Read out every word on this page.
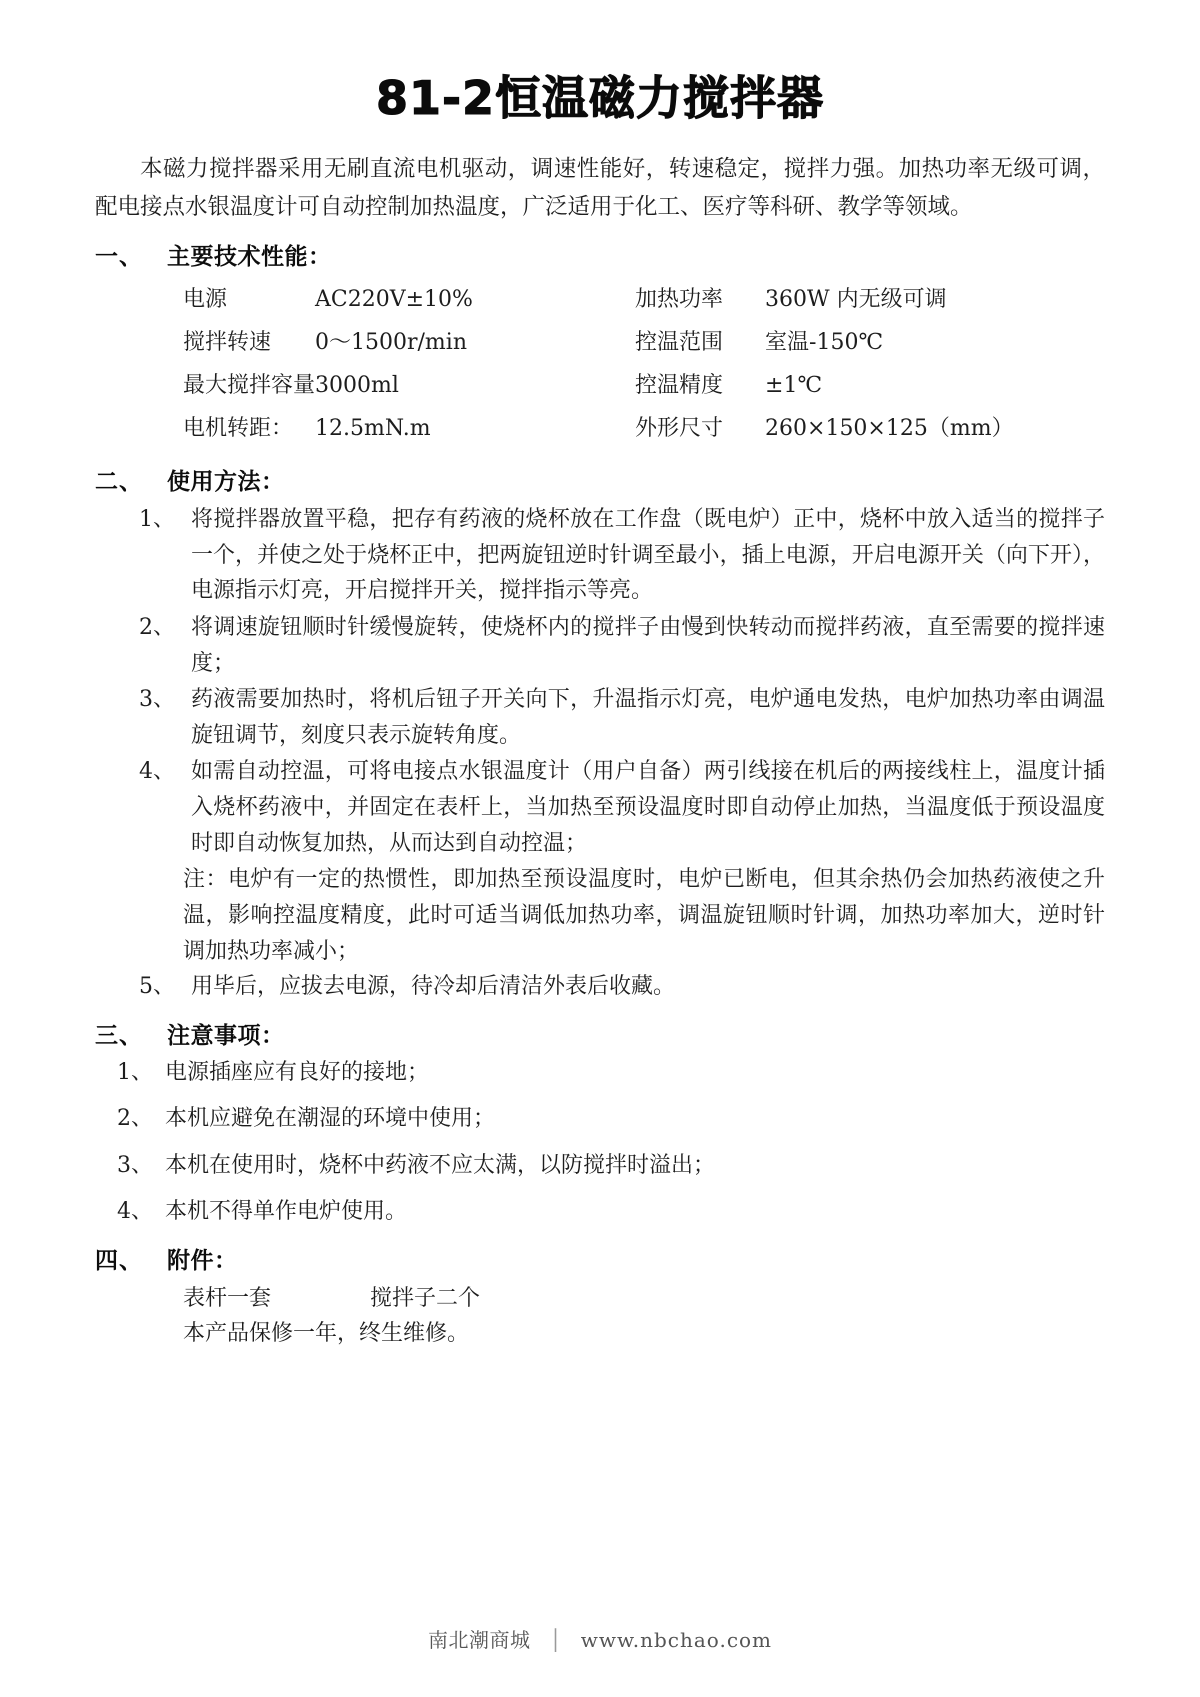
81-2恒温磁力搅拌器

本磁力搅拌器采用无刷直流电机驱动，调速性能好，转速稳定，搅拌力强。加热功率无级可调，配电接点水银温度计可自动控制加热温度，广泛适用于化工、医疗等科研、教学等领域。

一、	主要技术性能：
电源	AC220V±10%	加热功率	360W 内无级可调
搅拌转速	0～1500r/min	控温范围	室温-150℃
最大搅拌容量	3000ml	控温精度	±1℃
电机转距：	12.5mN.m	外形尺寸	260×150×125（mm）
二、	使用方法：
1、 将搅拌器放置平稳，把存有药液的烧杯放在工作盘（既电炉）正中，烧杯中放入适当的搅拌子一个，并使之处于烧杯正中，把两旋钮逆时针调至最小，插上电源，开启电源开关（向下开），电源指示灯亮，开启搅拌开关，搅拌指示等亮。
2、 将调速旋钮顺时针缓慢旋转，使烧杯内的搅拌子由慢到快转动而搅拌药液，直至需要的搅拌速度；
3、 药液需要加热时，将机后钮子开关向下，升温指示灯亮，电炉通电发热，电炉加热功率由调温旋钮调节，刻度只表示旋转角度。
4、 如需自动控温，可将电接点水银温度计（用户自备）两引线接在机后的两接线柱上，温度计插入烧杯药液中，并固定在表杆上，当加热至预设温度时即自动停止加热，当温度低于预设温度时即自动恢复加热，从而达到自动控温；

注：电炉有一定的热惯性，即加热至预设温度时，电炉已断电，但其余热仍会加热药液使之升温，影响控温度精度，此时可适当调低加热功率，调温旋钮顺时针调，加热功率加大，逆时针调加热功率减小；

5、 用毕后，应拔去电源，待冷却后清洁外表后收藏。
三、	注意事项：
1、 电源插座应有良好的接地；
2、 本机应避免在潮湿的环境中使用；
3、 本机在使用时，烧杯中药液不应太满，以防搅拌时溢出；
4、 本机不得单作电炉使用。
四、	附件：
表杆一套	搅拌子二个
本产品保修一年，终生维修。
南北潮商城 │ www.nbchao.com
